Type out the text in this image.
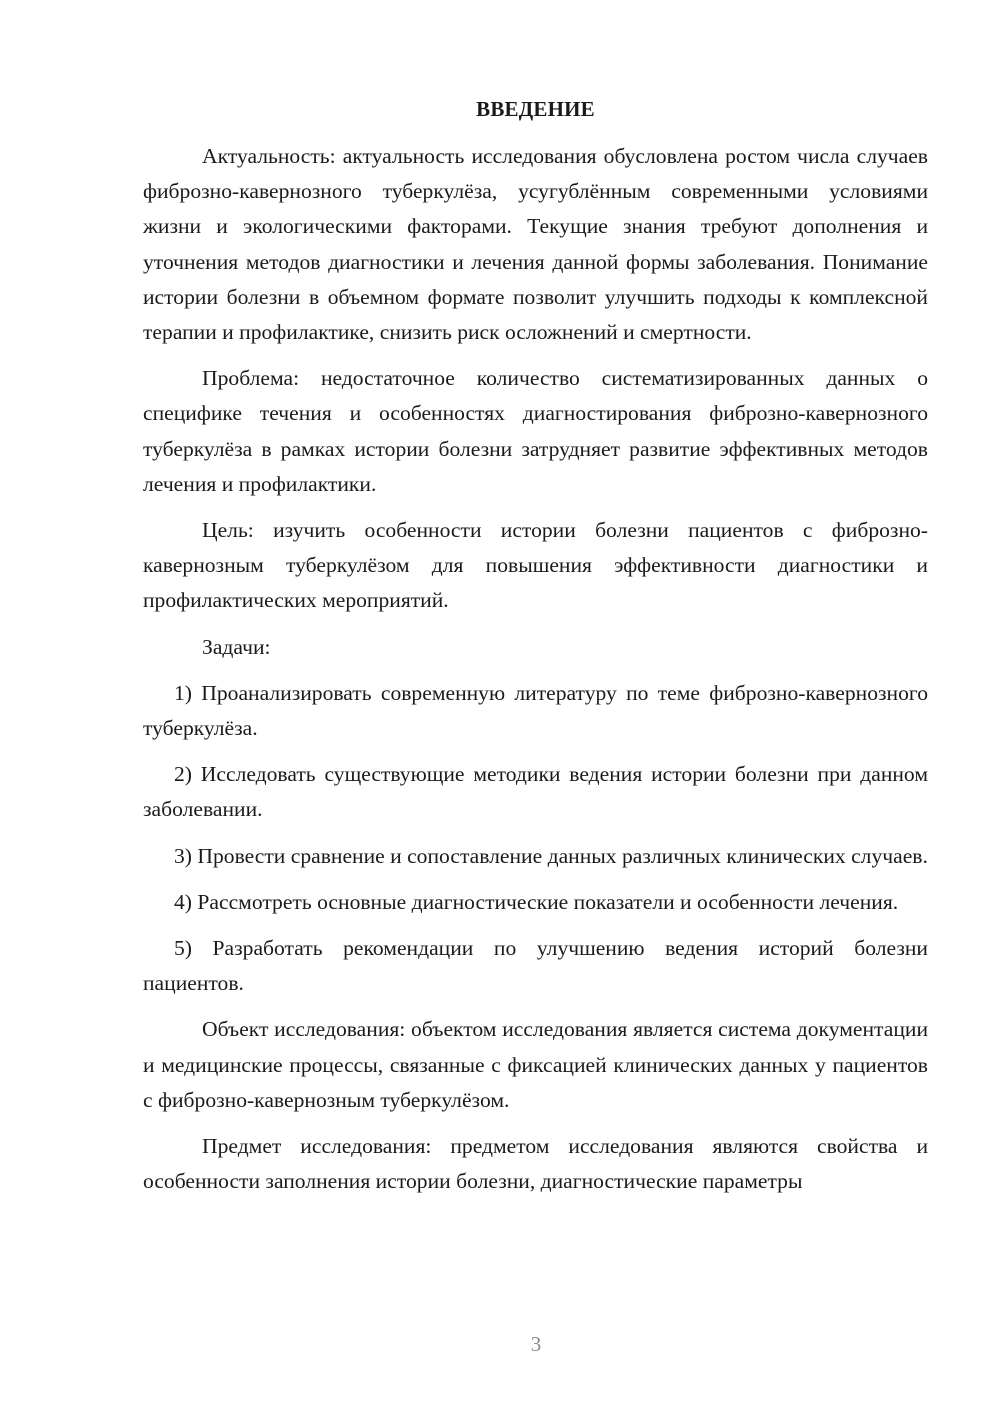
ВВЕДЕНИЕ

Актуальность: актуальность исследования обусловлена ростом числа случаев фиброзно-кавернозного туберкулёза, усугублённым современными условиями жизни и экологическими факторами. Текущие знания требуют дополнения и уточнения методов диагностики и лечения данной формы заболевания. Понимание истории болезни в объемном формате позволит улучшить подходы к комплексной терапии и профилактике, снизить риск осложнений и смертности.

Проблема: недостаточное количество систематизированных данных о специфике течения и особенностях диагностирования фиброзно-кавернозного туберкулёза в рамках истории болезни затрудняет развитие эффективных методов лечения и профилактики.

Цель: изучить особенности истории болезни пациентов с фиброзно-кавернозным туберкулёзом для повышения эффективности диагностики и профилактических мероприятий.

Задачи:

1) Проанализировать современную литературу по теме фиброзно-кавернозного туберкулёза.

2) Исследовать существующие методики ведения истории болезни при данном заболевании.

3) Провести сравнение и сопоставление данных различных клинических случаев.

4) Рассмотреть основные диагностические показатели и особенности лечения.

5) Разработать рекомендации по улучшению ведения историй болезни пациентов.

Объект исследования: объектом исследования является система документации и медицинские процессы, связанные с фиксацией клинических данных у пациентов с фиброзно-кавернозным туберкулёзом.

Предмет исследования: предметом исследования являются свойства и особенности заполнения истории болезни, диагностические параметры

3
